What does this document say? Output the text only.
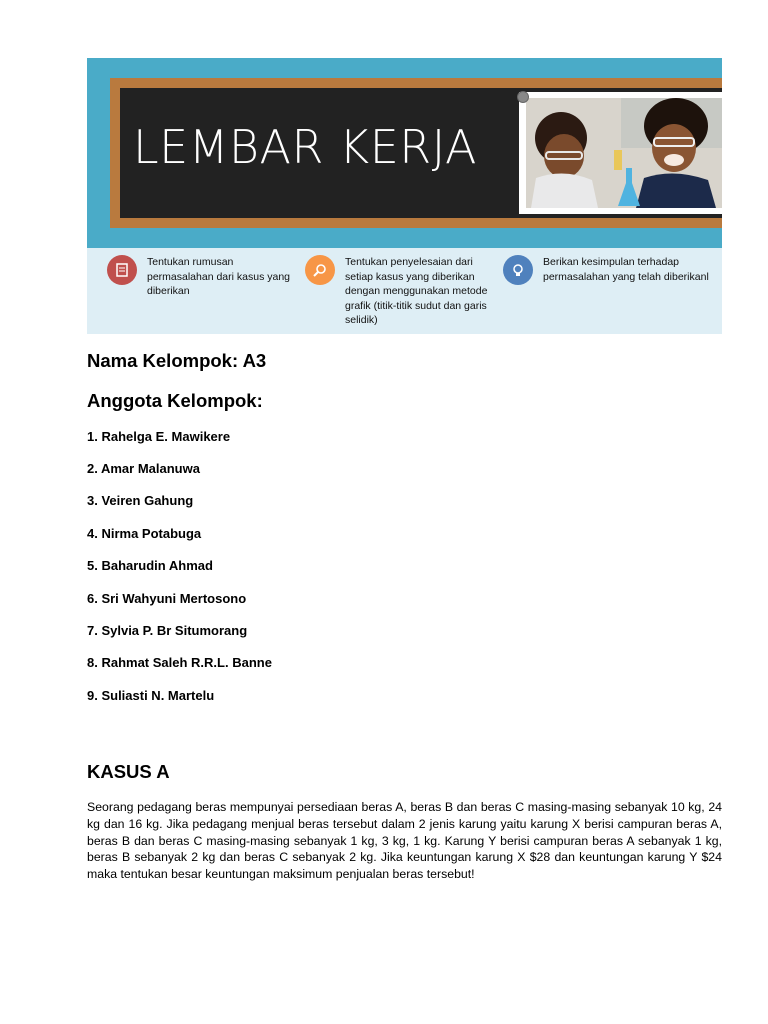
LEMBAR KERJA
Tentukan rumusan permasalahan dari kasus yang diberikan
Tentukan penyelesaian dari setiap kasus yang diberikan dengan menggunakan metode grafik (titik-titik sudut dan garis selidik)
Berikan kesimpulan terhadap permasalahan yang telah diberikanl
Nama Kelompok: A3
Anggota Kelompok:
1. Rahelga E. Mawikere
2. Amar Malanuwa
3. Veiren Gahung
4. Nirma Potabuga
5. Baharudin Ahmad
6. Sri Wahyuni Mertosono
7. Sylvia P. Br Situmorang
8. Rahmat Saleh R.R.L. Banne
9. Suliasti N. Martelu
KASUS A
Seorang pedagang beras mempunyai persediaan beras A, beras B dan beras C masing-masing sebanyak 10 kg, 24 kg dan 16 kg. Jika pedagang menjual beras tersebut dalam 2 jenis karung yaitu karung X berisi campuran beras A, beras B dan beras C masing-masing sebanyak 1 kg, 3 kg, 1 kg. Karung Y berisi campuran beras A sebanyak 1 kg, beras B sebanyak 2 kg dan beras C sebanyak 2 kg. Jika keuntungan karung X $28 dan keuntungan karung Y $24 maka tentukan besar keuntungan maksimum penjualan beras tersebut!
